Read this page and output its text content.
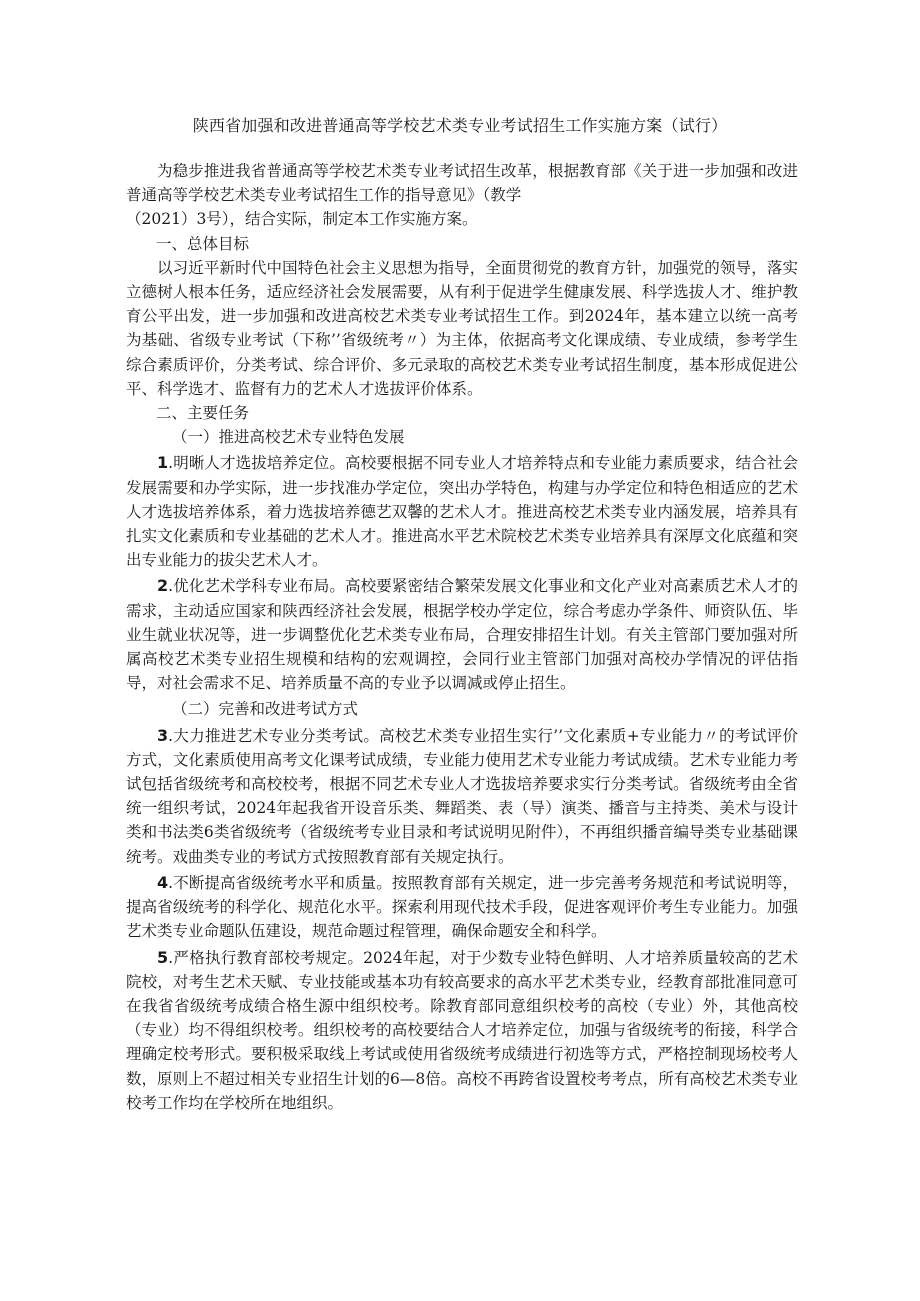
陕西省加强和改进普通高等学校艺术类专业考试招生工作实施方案（试行）

为稳步推进我省普通高等学校艺术类专业考试招生改革，根据教育部《关于进一步加强和改进普通高等学校艺术类专业考试招生工作的指导意见》（教学

（2021）3号），结合实际，制定本工作实施方案。

一、总体目标

以习近平新时代中国特色社会主义思想为指导，全面贯彻党的教育方针，加强党的领导，落实立德树人根本任务，适应经济社会发展需要，从有利于促进学生健康发展、科学选拔人才、维护教育公平出发，进一步加强和改进高校艺术类专业考试招生工作。到2024年，基本建立以统一高考为基础、省级专业考试（下称’’省级统考〃）为主体，依据高考文化课成绩、专业成绩，参考学生综合素质评价，分类考试、综合评价、多元录取的高校艺术类专业考试招生制度，基本形成促进公平、科学选才、监督有力的艺术人才选拔评价体系。

二、主要任务

（一）推进高校艺术专业特色发展

1.明晰人才选拔培养定位。高校要根据不同专业人才培养特点和专业能力素质要求，结合社会发展需要和办学实际，进一步找准办学定位，突出办学特色，构建与办学定位和特色相适应的艺术人才选拔培养体系，着力选拔培养德艺双馨的艺术人才。推进高校艺术类专业内涵发展，培养具有扎实文化素质和专业基础的艺术人才。推进高水平艺术院校艺术类专业培养具有深厚文化底蕴和突出专业能力的拔尖艺术人才。

2.优化艺术学科专业布局。高校要紧密结合繁荣发展文化事业和文化产业对高素质艺术人才的需求，主动适应国家和陕西经济社会发展，根据学校办学定位，综合考虑办学条件、师资队伍、毕业生就业状况等，进一步调整优化艺术类专业布局，合理安排招生计划。有关主管部门要加强对所属高校艺术类专业招生规模和结构的宏观调控，会同行业主管部门加强对高校办学情况的评估指导，对社会需求不足、培养质量不高的专业予以调减或停止招生。

（二）完善和改进考试方式

3.大力推进艺术专业分类考试。高校艺术类专业招生实行’’文化素质+专业能力〃的考试评价方式，文化素质使用高考文化课考试成绩，专业能力使用艺术专业能力考试成绩。艺术专业能力考试包括省级统考和高校校考，根据不同艺术专业人才选拔培养要求实行分类考试。省级统考由全省统一组织考试，2024年起我省开设音乐类、舞蹈类、表（导）演类、播音与主持类、美术与设计类和书法类6类省级统考（省级统考专业目录和考试说明见附件），不再组织播音编导类专业基础课统考。戏曲类专业的考试方式按照教育部有关规定执行。

4.不断提高省级统考水平和质量。按照教育部有关规定，进一步完善考务规范和考试说明等，提高省级统考的科学化、规范化水平。探索利用现代技术手段，促进客观评价考生专业能力。加强艺术类专业命题队伍建设，规范命题过程管理，确保命题安全和科学。

5.严格执行教育部校考规定。2024年起，对于少数专业特色鲜明、人才培养质量较高的艺术院校，对考生艺术天赋、专业技能或基本功有较高要求的高水平艺术类专业，经教育部批准同意可在我省省级统考成绩合格生源中组织校考。除教育部同意组织校考的高校（专业）外，其他高校（专业）均不得组织校考。组织校考的高校要结合人才培养定位，加强与省级统考的衔接，科学合理确定校考形式。要积极采取线上考试或使用省级统考成绩进行初选等方式，严格控制现场校考人数，原则上不超过相关专业招生计划的6—8倍。高校不再跨省设置校考考点，所有高校艺术类专业校考工作均在学校所在地组织。
